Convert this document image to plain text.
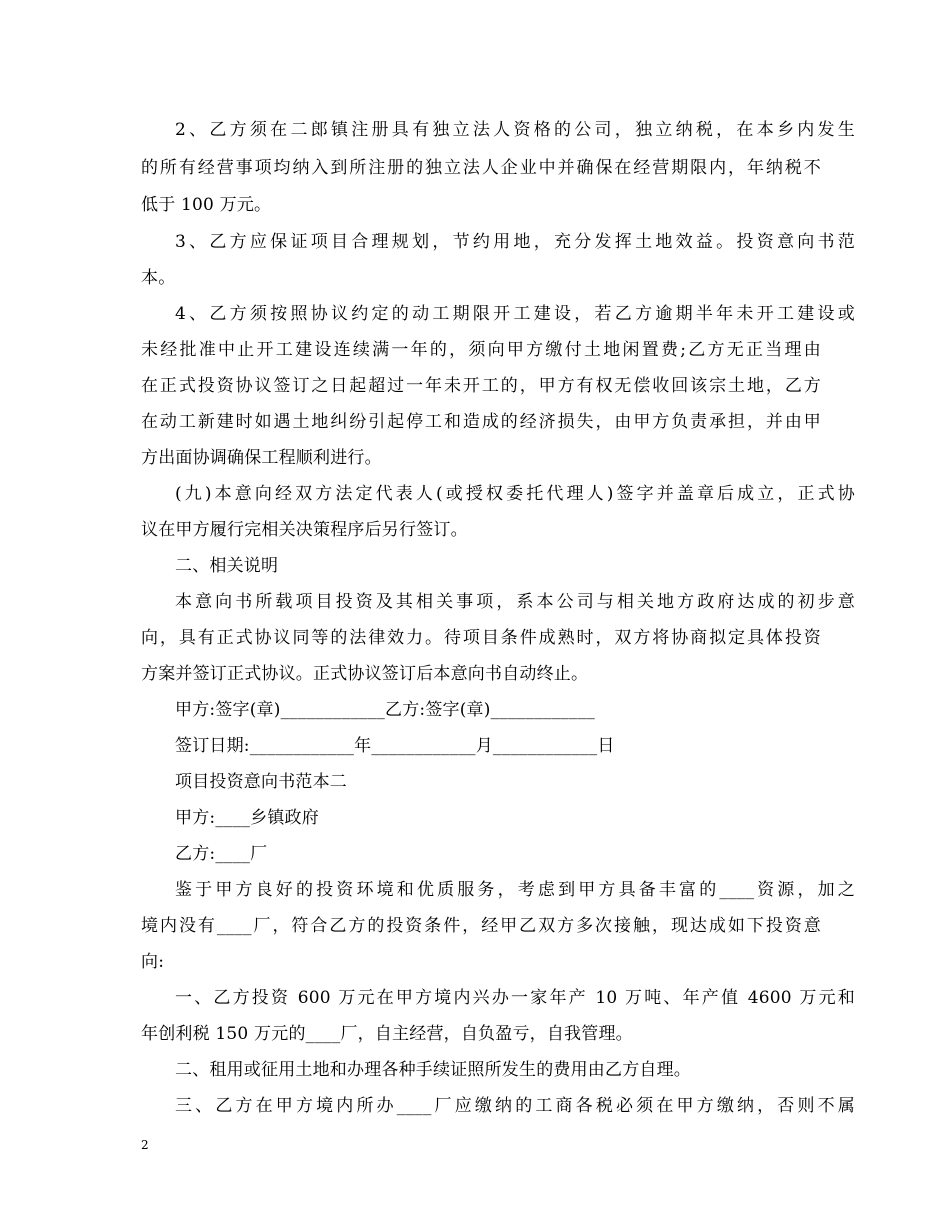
2、乙方须在二郎镇注册具有独立法人资格的公司，独立纳税，在本乡内发生
的所有经营事项均纳入到所注册的独立法人企业中并确保在经营期限内，年纳税不
低于 100 万元。
3、乙方应保证项目合理规划，节约用地，充分发挥土地效益。投资意向书范
本。
4、乙方须按照协议约定的动工期限开工建设，若乙方逾期半年未开工建设或
未经批准中止开工建设连续满一年的，须向甲方缴付土地闲置费;乙方无正当理由
在正式投资协议签订之日起超过一年未开工的，甲方有权无偿收回该宗土地，乙方
在动工新建时如遇土地纠纷引起停工和造成的经济损失，由甲方负责承担，并由甲
方出面协调确保工程顺利进行。
(九)本意向经双方法定代表人(或授权委托代理人)签字并盖章后成立，正式协
议在甲方履行完相关决策程序后另行签订。
二、相关说明
本意向书所载项目投资及其相关事项，系本公司与相关地方政府达成的初步意
向，具有正式协议同等的法律效力。待项目条件成熟时，双方将协商拟定具体投资
方案并签订正式协议。正式协议签订后本意向书自动终止。
甲方:签字(章)____________乙方:签字(章)____________
签订日期:____________年____________月____________日
项目投资意向书范本二
甲方:____乡镇政府
乙方:____厂
鉴于甲方良好的投资环境和优质服务，考虑到甲方具备丰富的____资源，加之
境内没有____厂，符合乙方的投资条件，经甲乙双方多次接触，现达成如下投资意
向:
一、乙方投资 600 万元在甲方境内兴办一家年产 10 万吨、年产值 4600 万元和
年创利税 150 万元的____厂，自主经营，自负盈亏，自我管理。
二、租用或征用土地和办理各种手续证照所发生的费用由乙方自理。
三、乙方在甲方境内所办____厂应缴纳的工商各税必须在甲方缴纳，否则不属
2
